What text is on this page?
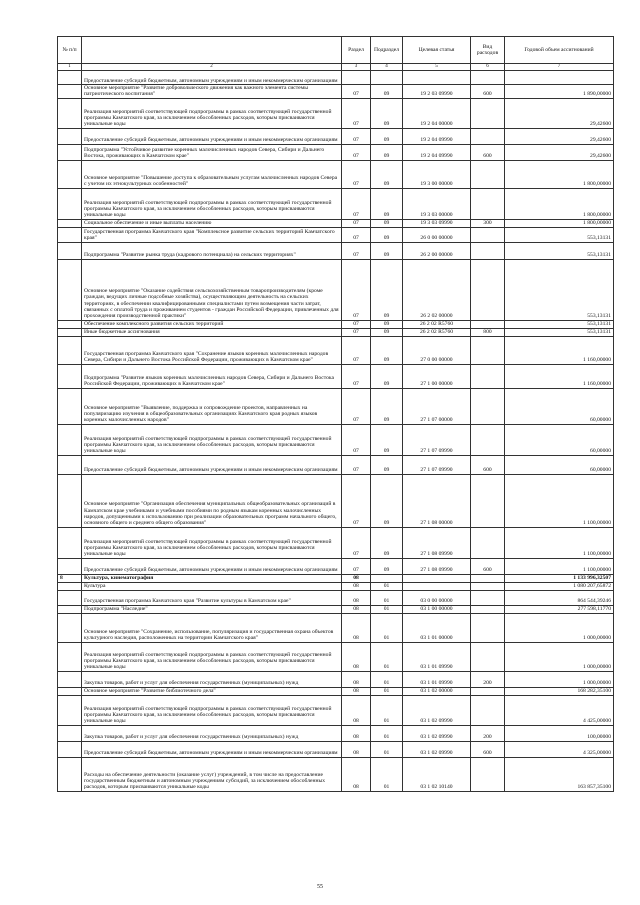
№ п/п		Раздел	Подраздел	Целевая статья	Вид расходов	Годовой объем ассигнований
1	2	3	4	5	6	7
	Предоставление субсидий бюджетным, автономным учреждениям и иным некоммерческим организациям					
	Основное мероприятие "Развитие добровольческого движения как важного элемента системы патриотического воспитания"	07	09	19 2 03 09990	600	1 890,00000
	Реализация мероприятий соответствующей подпрограммы в рамках соответствующей государственной программы Камчатского края, за исключением обособленных расходов, которым присваиваются уникальные коды	07	09	19 2 04 00000		29,42600
	Предоставление субсидий бюджетным, автономным учреждениям и иным некоммерческим организациям	07	09	19 2 04 09990		29,42600
	Подпрограмма "Устойчивое развитие коренных малочисленных народов Севера, Сибири и Дальнего Востока, проживающих в Камчатском крае"	07	09	19 2 04 09990	600	29,42600
	Основное мероприятие "Повышение доступа к образовательным услугам малочисленных народов Севера с учетом их этнокультурных особенностей"	07	09	19 3 00 00000		1 800,00000
	Реализация мероприятий соответствующей подпрограммы в рамках соответствующей государственной программы Камчатского края, за исключением обособленных расходов, которым присваиваются уникальные коды	07	09	19 3 03 00000		1 800,00000
	Социальное обеспечение и иные выплаты населению	07	09	19 3 03 09990	300	1 800,00000
	Государственная программа Камчатского края "Комплексное развитие сельских территорий Камчатского края"	07	09	26 0 00 00000		553,13131
	Подпрограмма "Развитие рынка труда (кадрового потенциала) на сельских территориях"	07	09	26 2 00 00000		553,13131
	Основное мероприятие "Оказание содействия сельскохозяйственным товаропроизводителям (кроме граждан, ведущих личные подсобные хозяйства), осуществляющим деятельность на сельских территориях, в обеспечении квалифицированными специалистами путем возмещения части затрат, связанных с оплатой труда и проживанием студентов - граждан Российской Федерации, привлеченных для прохождения производственной практики"	07	09	26 2 02 00000		553,13131
	Обеспечение комплексного развития сельских территорий	07	09	26 2 02 R5760		553,13131
	Иные бюджетные ассигнования	07	09	26 2 02 R5760	800	553,13131
	Государственная программа Камчатского края "Сохранение языков коренных малочисленных народов Севера, Сибири и Дальнего Востока Российской Федерации, проживающих в Камчатском крае"	07	09	27 0 00 00000		1 160,00000
	Подпрограмма "Развитие языков коренных малочисленных народов Севера, Сибири и Дальнего Востока Российской Федерации, проживающих в Камчатском крае"	07	09	27 1 00 00000		1 160,00000
	Основное мероприятие "Выявление, поддержка и сопровождение проектов, направленных на популяризацию изучения в общеобразовательных организациях Камчатского края родных языков коренных малочисленных народов"	07	09	27 1 07 00000		60,00000
	Реализация мероприятий соответствующей подпрограммы в рамках соответствующей государственной программы Камчатского края, за исключением обособленных расходов, которым присваиваются уникальные коды	07	09	27 1 07 09990		60,00000
	Предоставление субсидий бюджетным, автономным учреждениям и иным некоммерческим организациям	07	09	27 1 07 09990	600	60,00000
	Основное мероприятие "Организация обеспечения муниципальных общеобразовательных организаций в Камчатском крае учебниками и учебными пособиями по родным языкам коренных малочисленных народов, допущенными к использованию при реализации образовательных программ начального общего, основного общего и среднего общего образования"	07	09	27 1 08 00000		1 100,00000
	Реализация мероприятий соответствующей подпрограммы в рамках соответствующей государственной программы Камчатского края, за исключением обособленных расходов, которым присваиваются уникальные коды	07	09	27 1 08 09990		1 100,00000
	Предоставление субсидий бюджетным, автономным учреждениям и иным некоммерческим организациям	07	09	27 1 08 09990	600	1 100,00000
8	Культура, кинематография	08				1 133 996,32507
	Культура	08	01			1 080 207,65872
	Государственная программа Камчатского края "Развитие культуры в Камчатском крае"	08	01	03 0 00 00000		864 544,39246
	Подпрограмма "Наследие"	08	01	03 1 00 00000		277 598,11770
	Основное мероприятие "Сохранение, использование, популяризация и государственная охрана объектов культурного наследия, расположенных на территории Камчатского края"	08	01	03 1 01 00000		1 000,00000
	Реализация мероприятий соответствующей подпрограммы в рамках соответствующей государственной программы Камчатского края, за исключением обособленных расходов, которым присваиваются уникальные коды	08	01	03 1 01 09990		1 000,00000
	Закупка товаров, работ и услуг для обеспечения государственных (муниципальных) нужд	08	01	03 1 01 09990	200	1 000,00000
	Основное мероприятие "Развитие библиотечного дела"	08	01	03 1 02 00000		168 282,35100
	Реализация мероприятий соответствующей подпрограммы в рамках соответствующей государственной программы Камчатского края, за исключением обособленных расходов, которым присваиваются уникальные коды	08	01	03 1 02 09990		4 425,00000
	Закупка товаров, работ и услуг для обеспечения государственных (муниципальных) нужд	08	01	03 1 02 09990	200	100,00000
	Предоставление субсидий бюджетным, автономным учреждениям и иным некоммерческим организациям	08	01	03 1 02 09990	600	4 325,00000
	Расходы на обеспечение деятельности (оказание услуг) учреждений, в том числе на предоставление государственным бюджетным и автономным учреждениям субсидий, за исключением обособленных расходов, которым присваиваются уникальные коды	08	01	03 1 02 10140		163 857,35100
55
